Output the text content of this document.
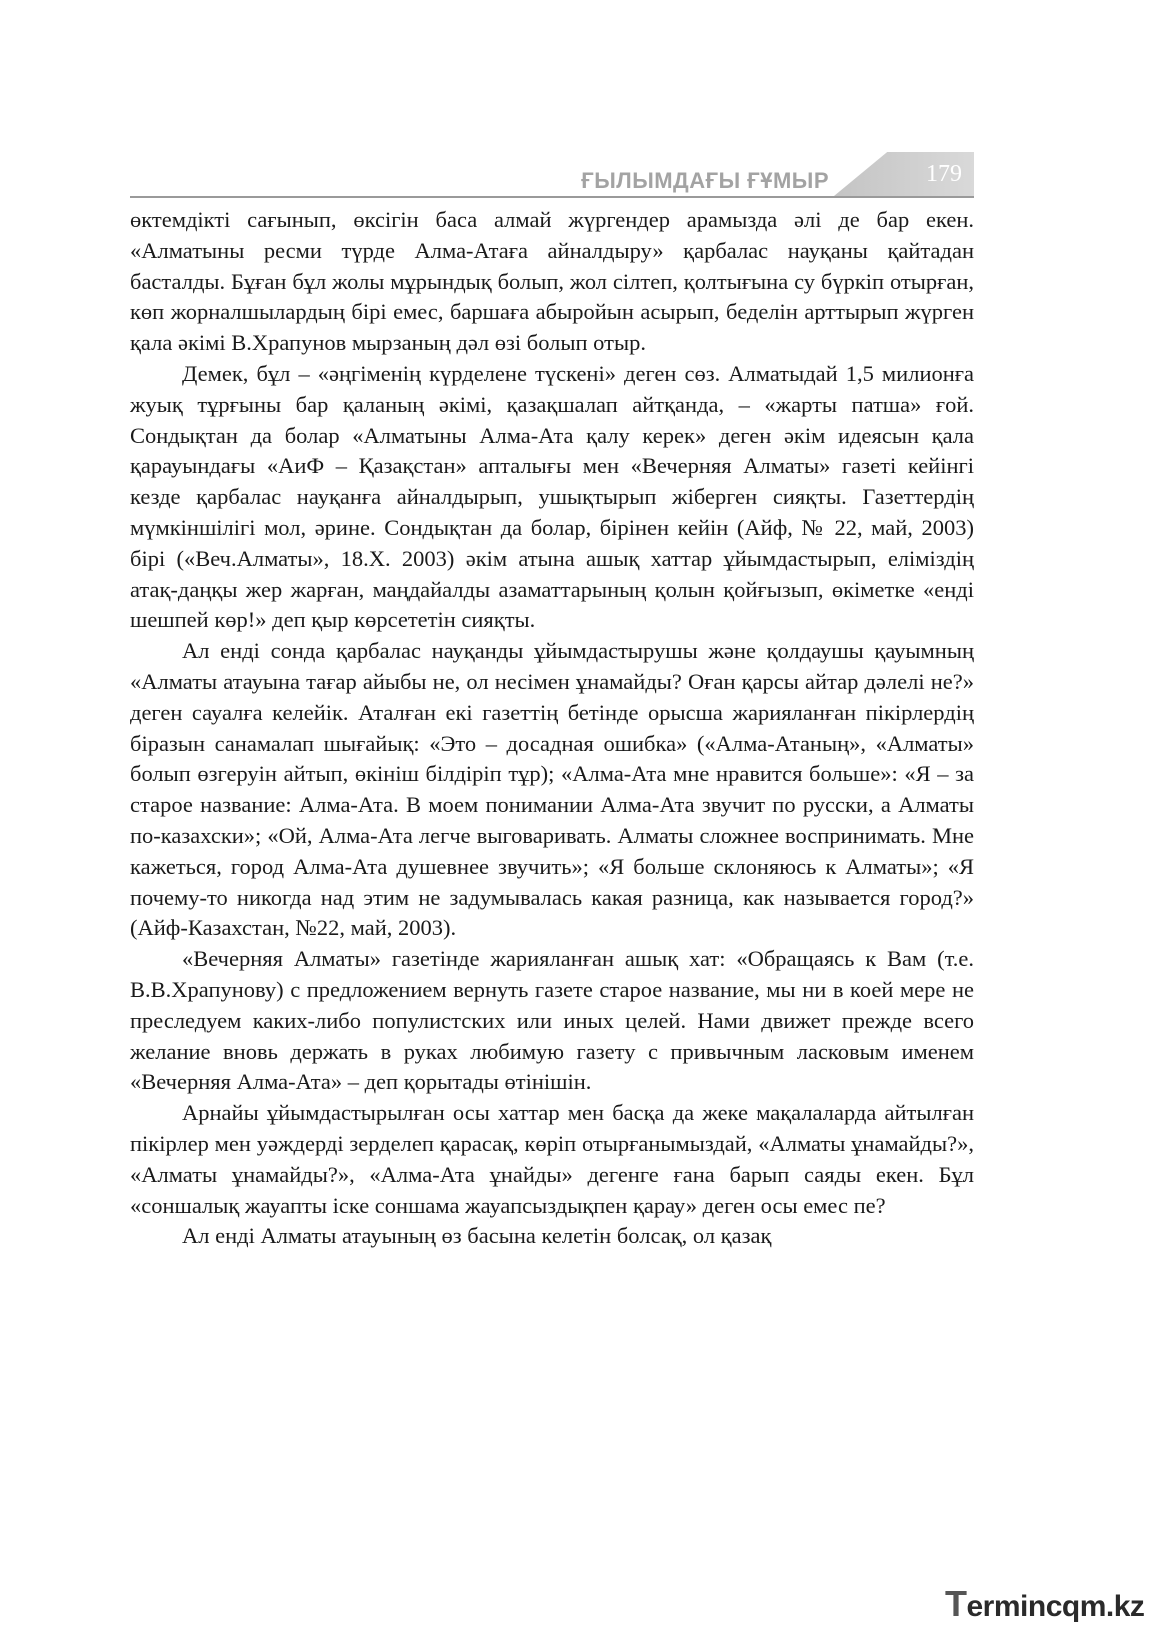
ҒЫЛЫМДАҒЫ ҒҰМЫР	179

өктемдікті сағынып, өксігін баса алмай жүргендер арамызда әлі де бар екен. «Алматыны ресми түрде Алма-Атаға айналдыру» қарбалас науқаны қайтадан басталды. Бұған бұл жолы мұрындық болып, жол сілтеп, қолтығына су бүркіп отырған, көп жорналшылардың бірі емес, баршаға абыройын асырып, беделін арттырып жүрген қала әкімі В.Храпунов мырзаның дәл өзі болып отыр.

Демек, бұл – «әңгіменің күрделене түскені» деген сөз. Алматыдай 1,5 милионға жуық тұрғыны бар қаланың әкімі, қазақшалап айтқанда, – «жарты патша» ғой. Сондықтан да болар «Алматыны Алма-Ата қалу керек» деген әкім идеясын қала қарауындағы «АиФ – Қазақстан» апталығы мен «Вечерняя Алматы» газеті кейінгі кезде қарбалас науқанға айналдырып, ушықтырып жіберген сияқты. Газеттердің мүмкіншілігі мол, әрине. Сондықтан да болар, бірінен кейін (Айф, № 22, май, 2003) бірі («Веч.Алматы», 18.Х. 2003) әкім атына ашық хаттар ұйымдастырып, еліміздің атақ-даңқы жер жарған, маңдайалды азаматтарының қолын қойғызып, өкіметке «енді шешпей көр!» деп қыр көрсететін сияқты.

Ал енді сонда қарбалас науқанды ұйымдастырушы және қолдаушы қауымның «Алматы атауына тағар айыбы не, ол несімен ұнамайды? Оған қарсы айтар дәлелі не?» деген сауалға келейік. Аталған екі газеттің бетінде орысша жарияланған пікірлердің біразын санамалап шығайық: «Это – досадная ошибка» («Алма-Атаның», «Алматы» болып өзгеруін айтып, өкініш білдіріп тұр); «Алма-Ата мне нравится больше»: «Я – за старое название: Алма-Ата. В моем понимании Алма-Ата звучит по русски, а Алматы по-казахски»; «Ой, Алма-Ата легче выговаривать. Алматы сложнее воспринимать. Мне кажеться, город Алма-Ата душевнее звучить»; «Я больше склоняюсь к Алматы»; «Я почему-то никогда над этим не задумывалась какая разница, как называется город?» (Айф-Казахстан, №22, май, 2003).

«Вечерняя Алматы» газетінде жарияланған ашық хат: «Обращаясь к Вам (т.е. В.В.Храпунову) с предложением вернуть газете старое название, мы ни в коей мере не преследуем каких-либо популистских или иных целей. Нами движет прежде всего желание вновь держать в руках любимую газету с привычным ласковым именем «Вечерняя Алма-Ата» – деп қорытады өтінішін.

Арнайы ұйымдастырылған осы хаттар мен басқа да жеке мақалаларда айтылған пікірлер мен уәждерді зерделеп қарасақ, көріп отырғанымыздай, «Алматы ұнамайды?», «Алматы ұнамайды?», «Алма-Ата ұнайды» дегенге ғана барып саяды екен. Бұл «соншалық жауапты іске соншама жауапсыздықпен қарау» деген осы емес пе?

Ал енді Алматы атауының өз басына келетін болсақ, ол қазақ

Termincqm.kz
